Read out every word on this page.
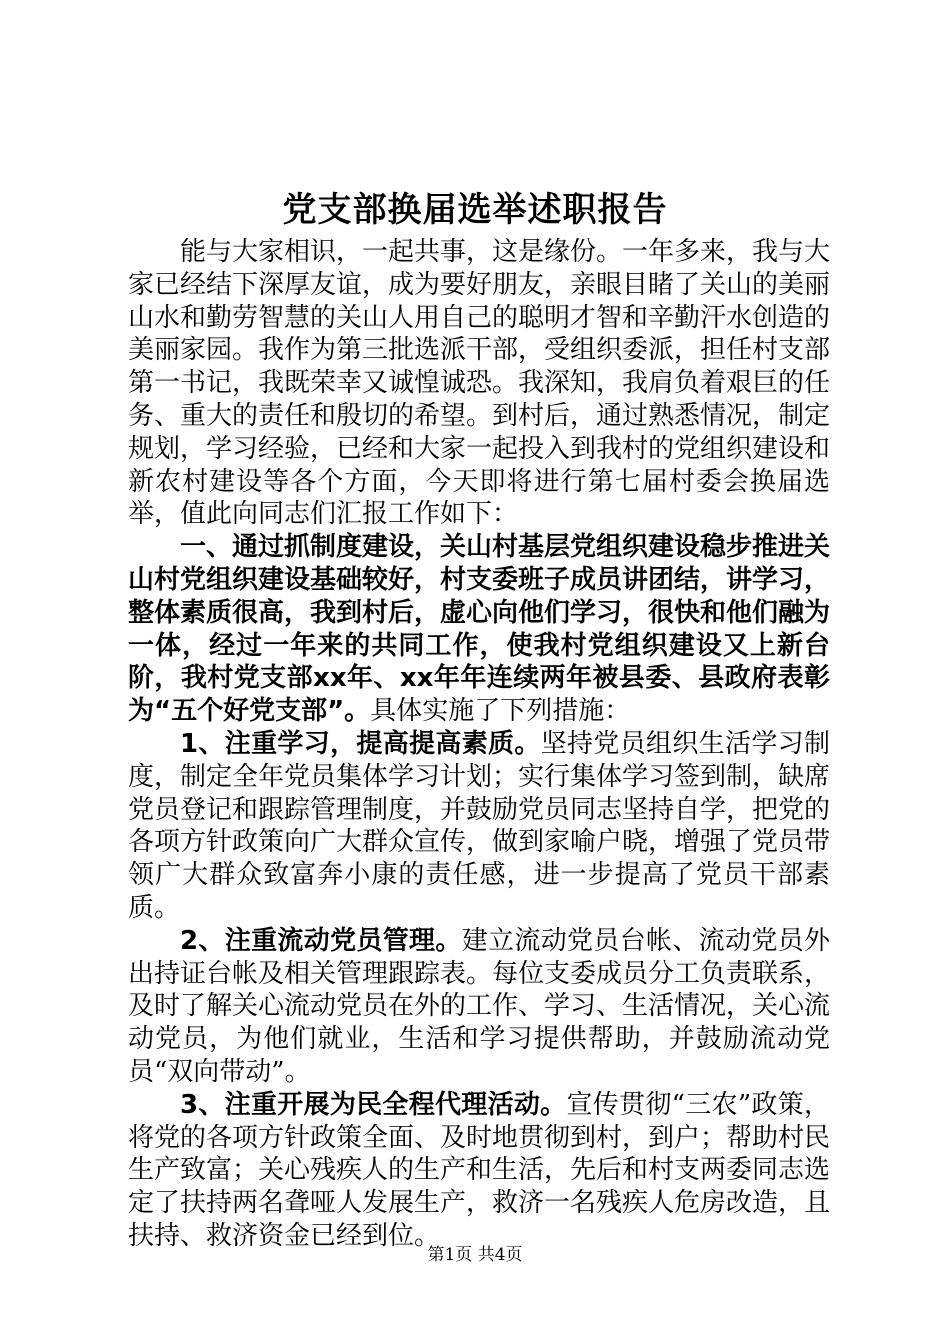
党支部换届选举述职报告

能与大家相识，一起共事，这是缘份。一年多来，我与大家已经结下深厚友谊，成为要好朋友，亲眼目睹了关山的美丽山水和勤劳智慧的关山人用自己的聪明才智和辛勤汗水创造的美丽家园。我作为第三批选派干部，受组织委派，担任村支部第一书记，我既荣幸又诚惶诚恐。我深知，我肩负着艰巨的任务、重大的责任和殷切的希望。到村后，通过熟悉情况，制定规划，学习经验，已经和大家一起投入到我村的党组织建设和新农村建设等各个方面，今天即将进行第七届村委会换届选举，值此向同志们汇报工作如下：

一、通过抓制度建设，关山村基层党组织建设稳步推进关山村党组织建设基础较好，村支委班子成员讲团结，讲学习，整体素质很高，我到村后，虚心向他们学习，很快和他们融为一体，经过一年来的共同工作，使我村党组织建设又上新台阶，我村党支部xx年、xx年年连续两年被县委、县政府表彰为“五个好党支部”。具体实施了下列措施：

1、注重学习，提高提高素质。坚持党员组织生活学习制度，制定全年党员集体学习计划；实行集体学习签到制，缺席党员登记和跟踪管理制度，并鼓励党员同志坚持自学，把党的各项方针政策向广大群众宣传，做到家喻户晓，增强了党员带领广大群众致富奔小康的责任感，进一步提高了党员干部素质。

2、注重流动党员管理。建立流动党员台帐、流动党员外出持证台帐及相关管理跟踪表。每位支委成员分工负责联系，及时了解关心流动党员在外的工作、学习、生活情况，关心流动党员，为他们就业，生活和学习提供帮助，并鼓励流动党员“双向带动”。

3、注重开展为民全程代理活动。宣传贯彻“三农”政策，将党的各项方针政策全面、及时地贯彻到村，到户；帮助村民生产致富；关心残疾人的生产和生活，先后和村支两委同志选定了扶持两名聋哑人发展生产，救济一名残疾人危房改造，且扶持、救济资金已经到位。

第1页 共4页
